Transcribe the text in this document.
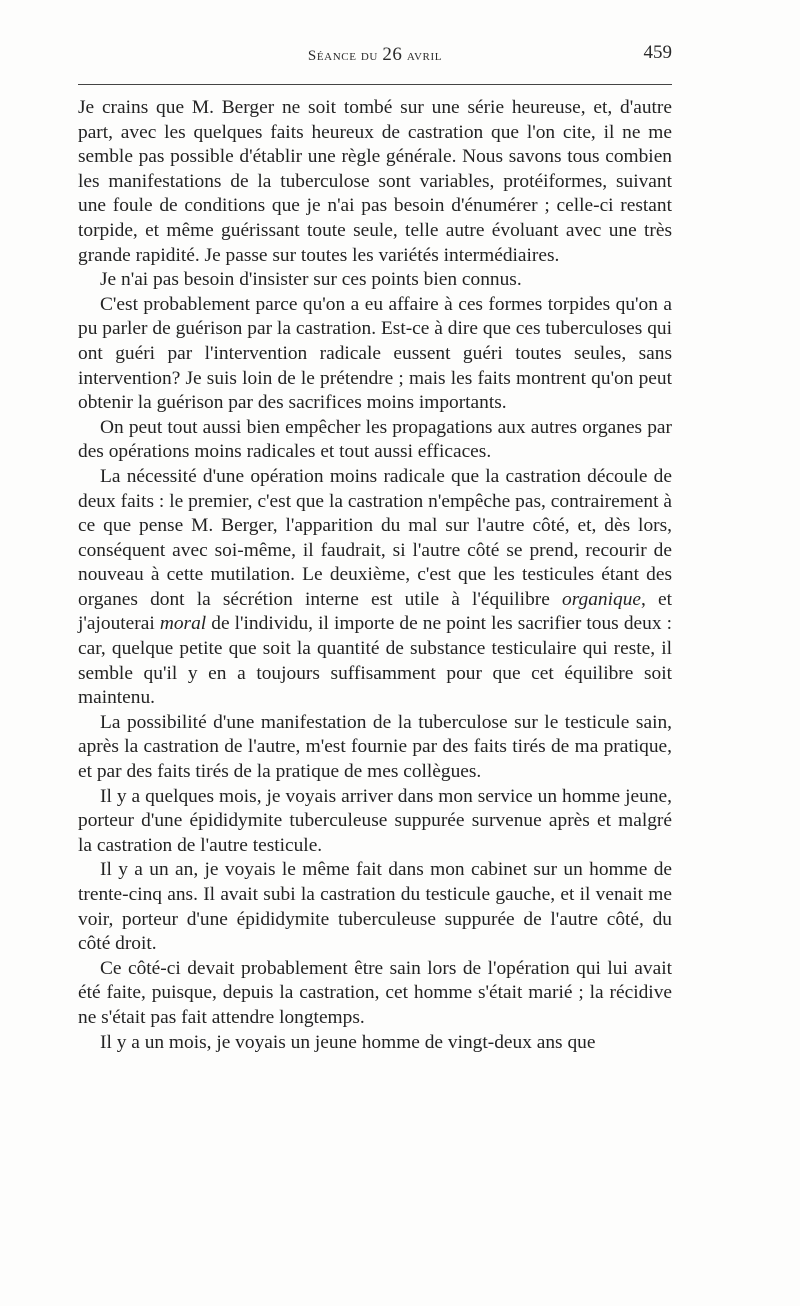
Séance du 26 avril	459

Je crains que M. Berger ne soit tombé sur une série heureuse, et, d'autre part, avec les quelques faits heureux de castration que l'on cite, il ne me semble pas possible d'établir une règle générale. Nous savons tous combien les manifestations de la tuberculose sont variables, protéiformes, suivant une foule de conditions que je n'ai pas besoin d'énumérer ; celle-ci restant torpide, et même guérissant toute seule, telle autre évoluant avec une très grande rapidité. Je passe sur toutes les variétés intermédiaires.

Je n'ai pas besoin d'insister sur ces points bien connus.

C'est probablement parce qu'on a eu affaire à ces formes torpides qu'on a pu parler de guérison par la castration. Est-ce à dire que ces tuberculoses qui ont guéri par l'intervention radicale eussent guéri toutes seules, sans intervention? Je suis loin de le prétendre ; mais les faits montrent qu'on peut obtenir la guérison par des sacrifices moins importants.

On peut tout aussi bien empêcher les propagations aux autres organes par des opérations moins radicales et tout aussi efficaces.

La nécessité d'une opération moins radicale que la castration découle de deux faits : le premier, c'est que la castration n'empêche pas, contrairement à ce que pense M. Berger, l'apparition du mal sur l'autre côté, et, dès lors, conséquent avec soi-même, il faudrait, si l'autre côté se prend, recourir de nouveau à cette mutilation. Le deuxième, c'est que les testicules étant des organes dont la sécrétion interne est utile à l'équilibre organique, et j'ajouterai moral de l'individu, il importe de ne point les sacrifier tous deux : car, quelque petite que soit la quantité de substance testiculaire qui reste, il semble qu'il y en a toujours suffisamment pour que cet équilibre soit maintenu.

La possibilité d'une manifestation de la tuberculose sur le testicule sain, après la castration de l'autre, m'est fournie par des faits tirés de ma pratique, et par des faits tirés de la pratique de mes collègues.

Il y a quelques mois, je voyais arriver dans mon service un homme jeune, porteur d'une épididymite tuberculeuse suppurée survenue après et malgré la castration de l'autre testicule.

Il y a un an, je voyais le même fait dans mon cabinet sur un homme de trente-cinq ans. Il avait subi la castration du testicule gauche, et il venait me voir, porteur d'une épididymite tuberculeuse suppurée de l'autre côté, du côté droit.

Ce côté-ci devait probablement être sain lors de l'opération qui lui avait été faite, puisque, depuis la castration, cet homme s'était marié ; la récidive ne s'était pas fait attendre longtemps.

Il y a un mois, je voyais un jeune homme de vingt-deux ans que
